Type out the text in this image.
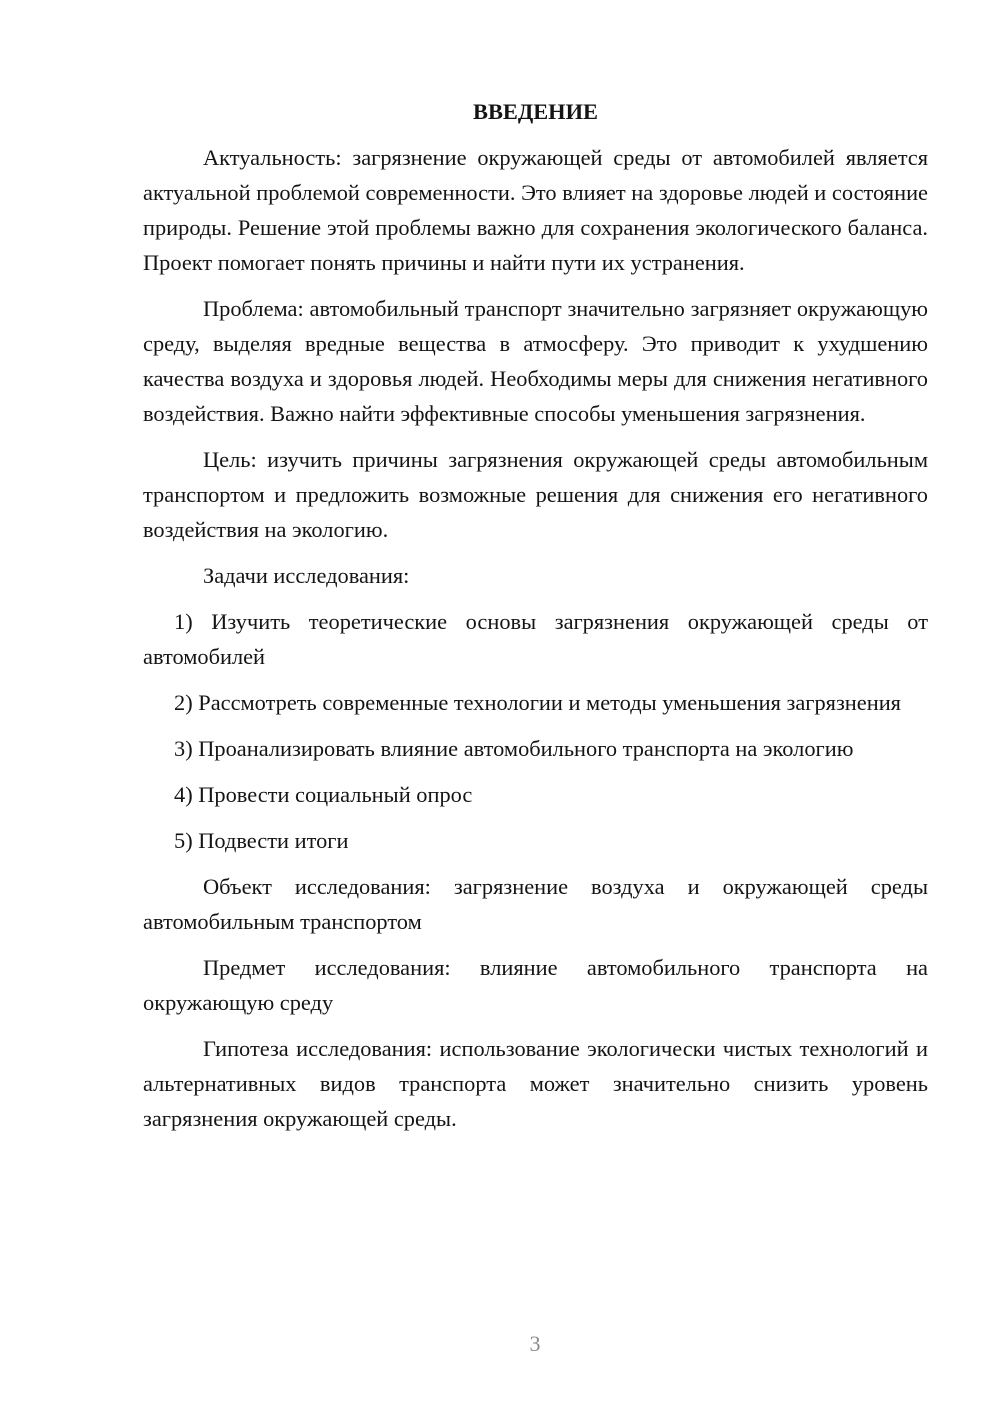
ВВЕДЕНИЕ

Актуальность: загрязнение окружающей среды от автомобилей является актуальной проблемой современности. Это влияет на здоровье людей и состояние природы. Решение этой проблемы важно для сохранения экологического баланса. Проект помогает понять причины и найти пути их устранения.

Проблема: автомобильный транспорт значительно загрязняет окружающую среду, выделяя вредные вещества в атмосферу. Это приводит к ухудшению качества воздуха и здоровья людей. Необходимы меры для снижения негативного воздействия. Важно найти эффективные способы уменьшения загрязнения.

Цель: изучить причины загрязнения окружающей среды автомобильным транспортом и предложить возможные решения для снижения его негативного воздействия на экологию.

Задачи исследования:

1) Изучить теоретические основы загрязнения окружающей среды от автомобилей

2) Рассмотреть современные технологии и методы уменьшения загрязнения

3) Проанализировать влияние автомобильного транспорта на экологию

4) Провести социальный опрос

5) Подвести итоги

Объект исследования: загрязнение воздуха и окружающей среды автомобильным транспортом

Предмет исследования: влияние автомобильного транспорта на окружающую среду

Гипотеза исследования: использование экологически чистых технологий и альтернативных видов транспорта может значительно снизить уровень загрязнения окружающей среды.

3
